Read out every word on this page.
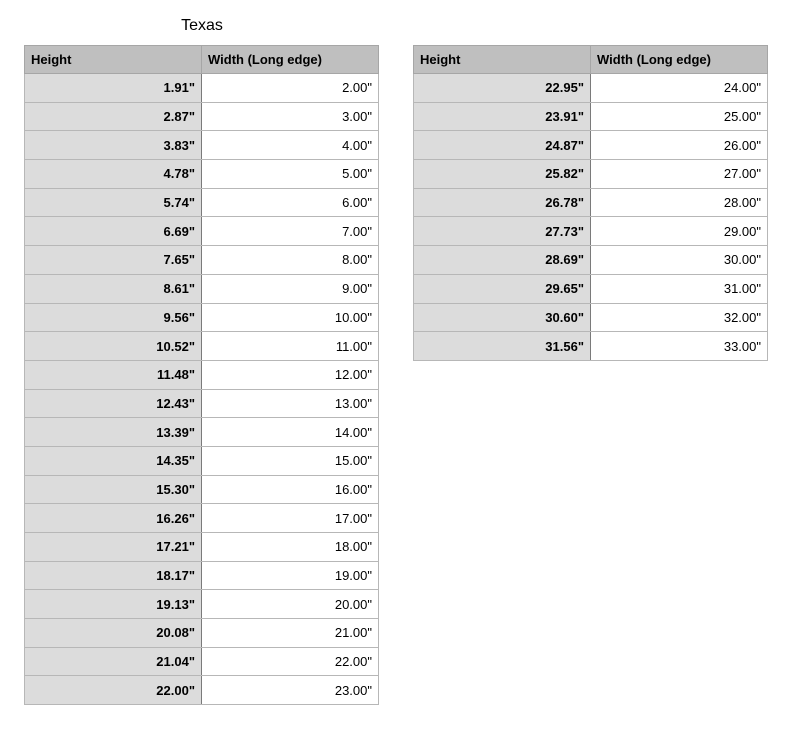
Texas
Height	Width (Long edge)
1.91"	2.00"
2.87"	3.00"
3.83"	4.00"
4.78"	5.00"
5.74"	6.00"
6.69"	7.00"
7.65"	8.00"
8.61"	9.00"
9.56"	10.00"
10.52"	11.00"
11.48"	12.00"
12.43"	13.00"
13.39"	14.00"
14.35"	15.00"
15.30"	16.00"
16.26"	17.00"
17.21"	18.00"
18.17"	19.00"
19.13"	20.00"
20.08"	21.00"
21.04"	22.00"
22.00"	23.00"
Height	Width (Long edge)
22.95"	24.00"
23.91"	25.00"
24.87"	26.00"
25.82"	27.00"
26.78"	28.00"
27.73"	29.00"
28.69"	30.00"
29.65"	31.00"
30.60"	32.00"
31.56"	33.00"
